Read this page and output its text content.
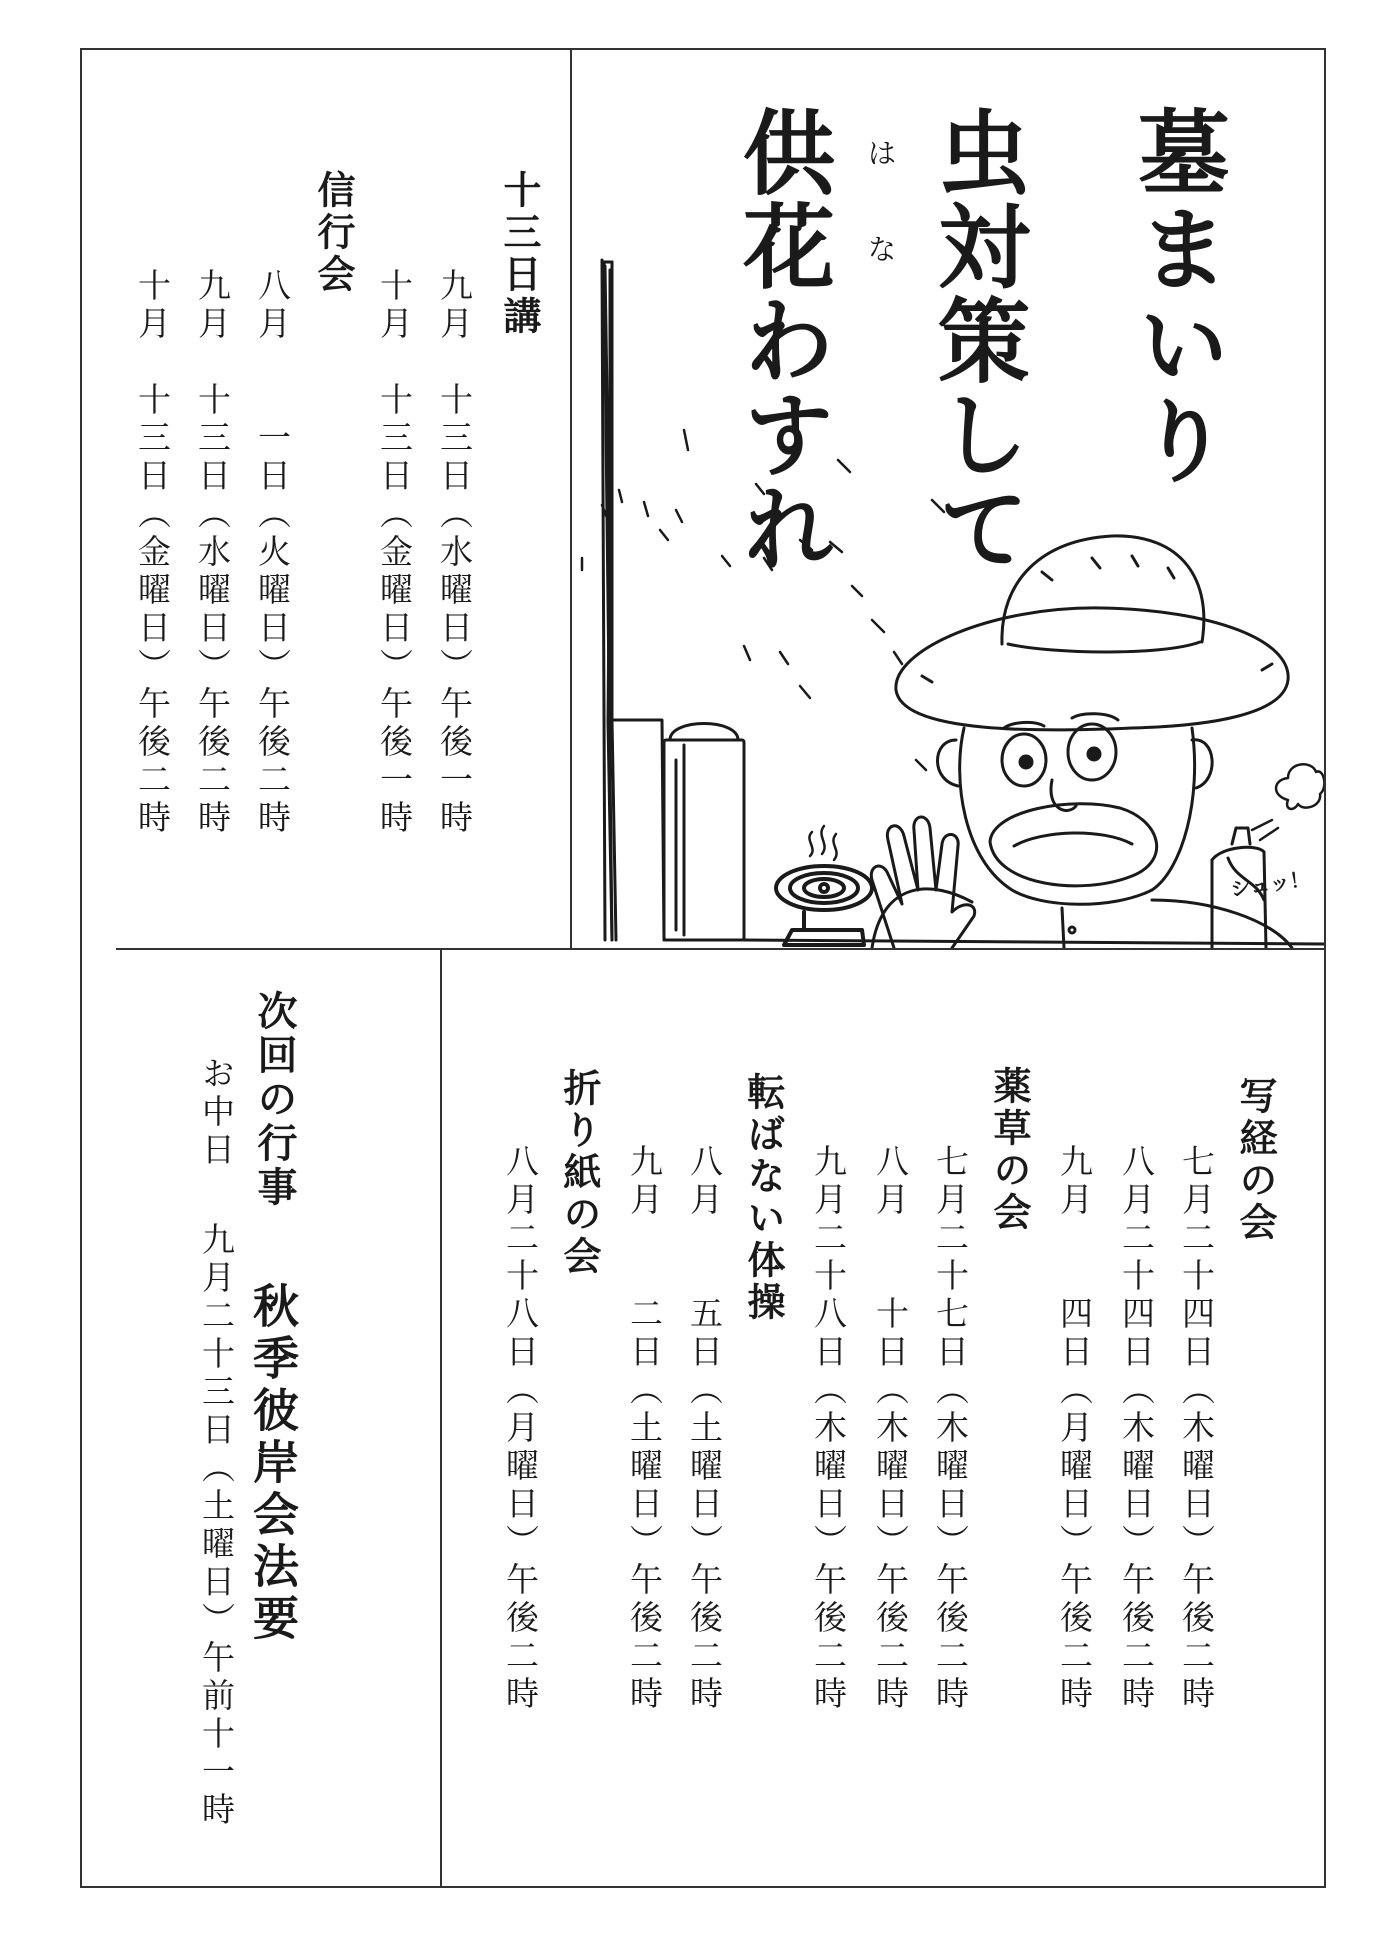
墓まいり
虫対策して
供花わすれ は
な
シュッ！
十三日講
九月　十三日（水曜日）午後一時
十月　十三日（金曜日）午後一時
信行会
八月　　一日（火曜日）午後二時
九月　十三日（水曜日）午後二時
十月　十三日（金曜日）午後二時
写経の会
七月二十四日（木曜日）午後二時
八月二十四日（木曜日）午後二時
九月　　四日（月曜日）午後二時
薬草の会
七月二十七日（木曜日）午後二時
八月　　十日（木曜日）午後二時
九月二十八日（木曜日）午後二時
転ばない体操
八月　　五日（土曜日）午後二時
九月　　二日（土曜日）午後二時
折り紙の会
八月二十八日（月曜日）午後二時
次回の行事
秋季彼岸会法要
お中日
九月二十三日（土曜日）午前十一時
